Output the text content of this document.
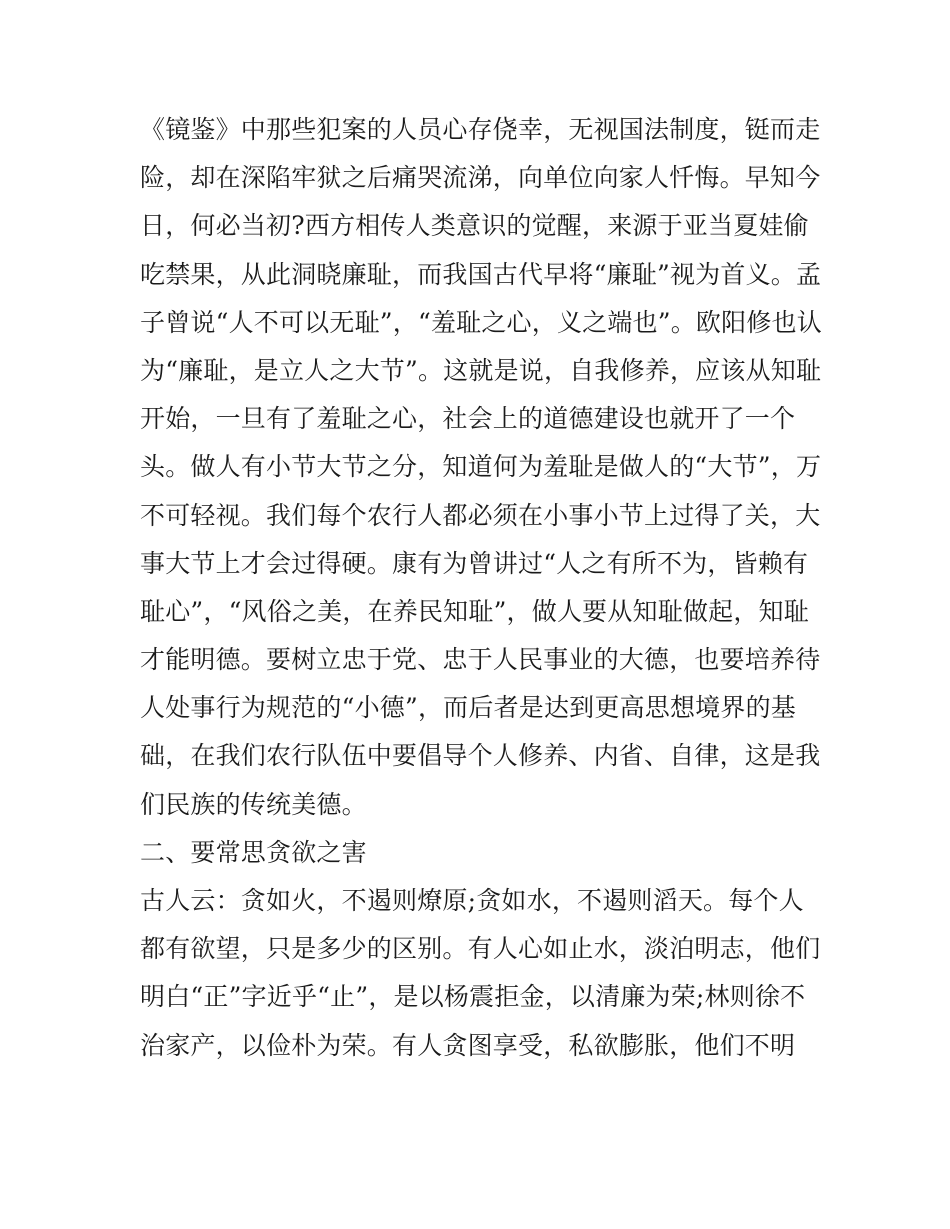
《镜鉴》中那些犯案的人员心存侥幸，无视国法制度，铤而走
险，却在深陷牢狱之后痛哭流涕，向单位向家人忏悔。早知今
日，何必当初?西方相传人类意识的觉醒，来源于亚当夏娃偷
吃禁果，从此洞晓廉耻，而我国古代早将“廉耻”视为首义。孟
子曾说“人不可以无耻”，“羞耻之心，义之端也”。欧阳修也认
为“廉耻，是立人之大节”。这就是说，自我修养，应该从知耻
开始，一旦有了羞耻之心，社会上的道德建设也就开了一个
头。做人有小节大节之分，知道何为羞耻是做人的“大节”，万
不可轻视。我们每个农行人都必须在小事小节上过得了关，大
事大节上才会过得硬。康有为曾讲过“人之有所不为，皆赖有
耻心”，“风俗之美，在养民知耻”，做人要从知耻做起，知耻
才能明德。要树立忠于党、忠于人民事业的大德，也要培养待
人处事行为规范的“小德”，而后者是达到更高思想境界的基
础，在我们农行队伍中要倡导个人修养、内省、自律，这是我
们民族的传统美德。
二、要常思贪欲之害
古人云：贪如火，不遏则燎原;贪如水，不遏则滔天。每个人
都有欲望，只是多少的区别。有人心如止水，淡泊明志，他们
明白“正”字近乎“止”，是以杨震拒金，以清廉为荣;林则徐不
治家产，以俭朴为荣。有人贪图享受，私欲膨胀，他们不明
